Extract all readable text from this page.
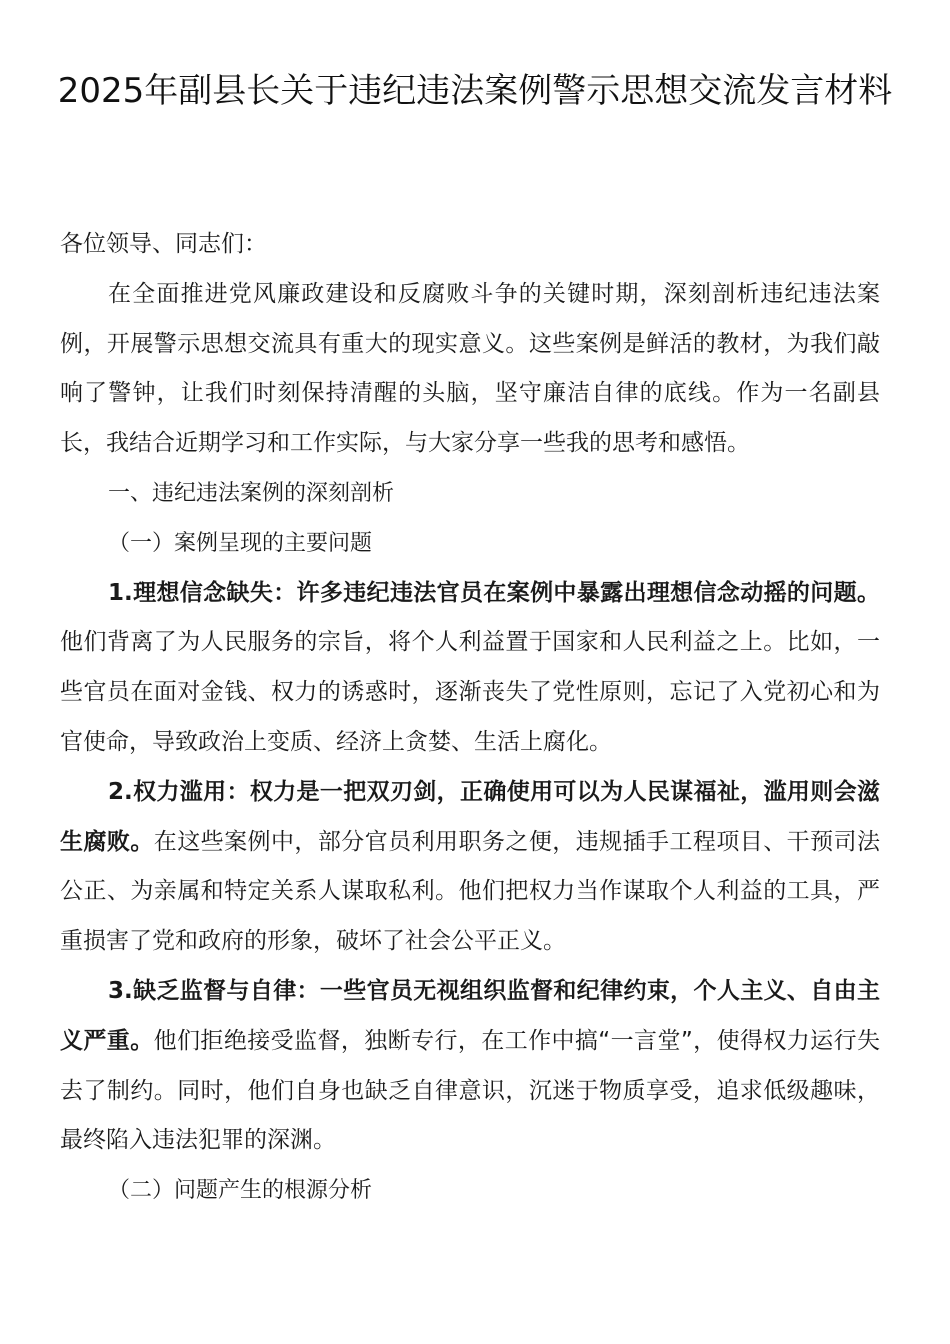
2025年副县长关于违纪违法案例警示思想交流发言材料

各位领导、同志们：

在全面推进党风廉政建设和反腐败斗争的关键时期，深刻剖析违纪违法案例，开展警示思想交流具有重大的现实意义。这些案例是鲜活的教材，为我们敲响了警钟，让我们时刻保持清醒的头脑，坚守廉洁自律的底线。作为一名副县长，我结合近期学习和工作实际，与大家分享一些我的思考和感悟。

一、违纪违法案例的深刻剖析

（一）案例呈现的主要问题

1.理想信念缺失：许多违纪违法官员在案例中暴露出理想信念动摇的问题。他们背离了为人民服务的宗旨，将个人利益置于国家和人民利益之上。比如，一些官员在面对金钱、权力的诱惑时，逐渐丧失了党性原则，忘记了入党初心和为官使命，导致政治上变质、经济上贪婪、生活上腐化。

2.权力滥用：权力是一把双刃剑，正确使用可以为人民谋福祉，滥用则会滋生腐败。在这些案例中，部分官员利用职务之便，违规插手工程项目、干预司法公正、为亲属和特定关系人谋取私利。他们把权力当作谋取个人利益的工具，严重损害了党和政府的形象，破坏了社会公平正义。

3.缺乏监督与自律：一些官员无视组织监督和纪律约束，个人主义、自由主义严重。他们拒绝接受监督，独断专行，在工作中搞“一言堂”，使得权力运行失去了制约。同时，他们自身也缺乏自律意识，沉迷于物质享受，追求低级趣味，最终陷入违法犯罪的深渊。

（二）问题产生的根源分析
